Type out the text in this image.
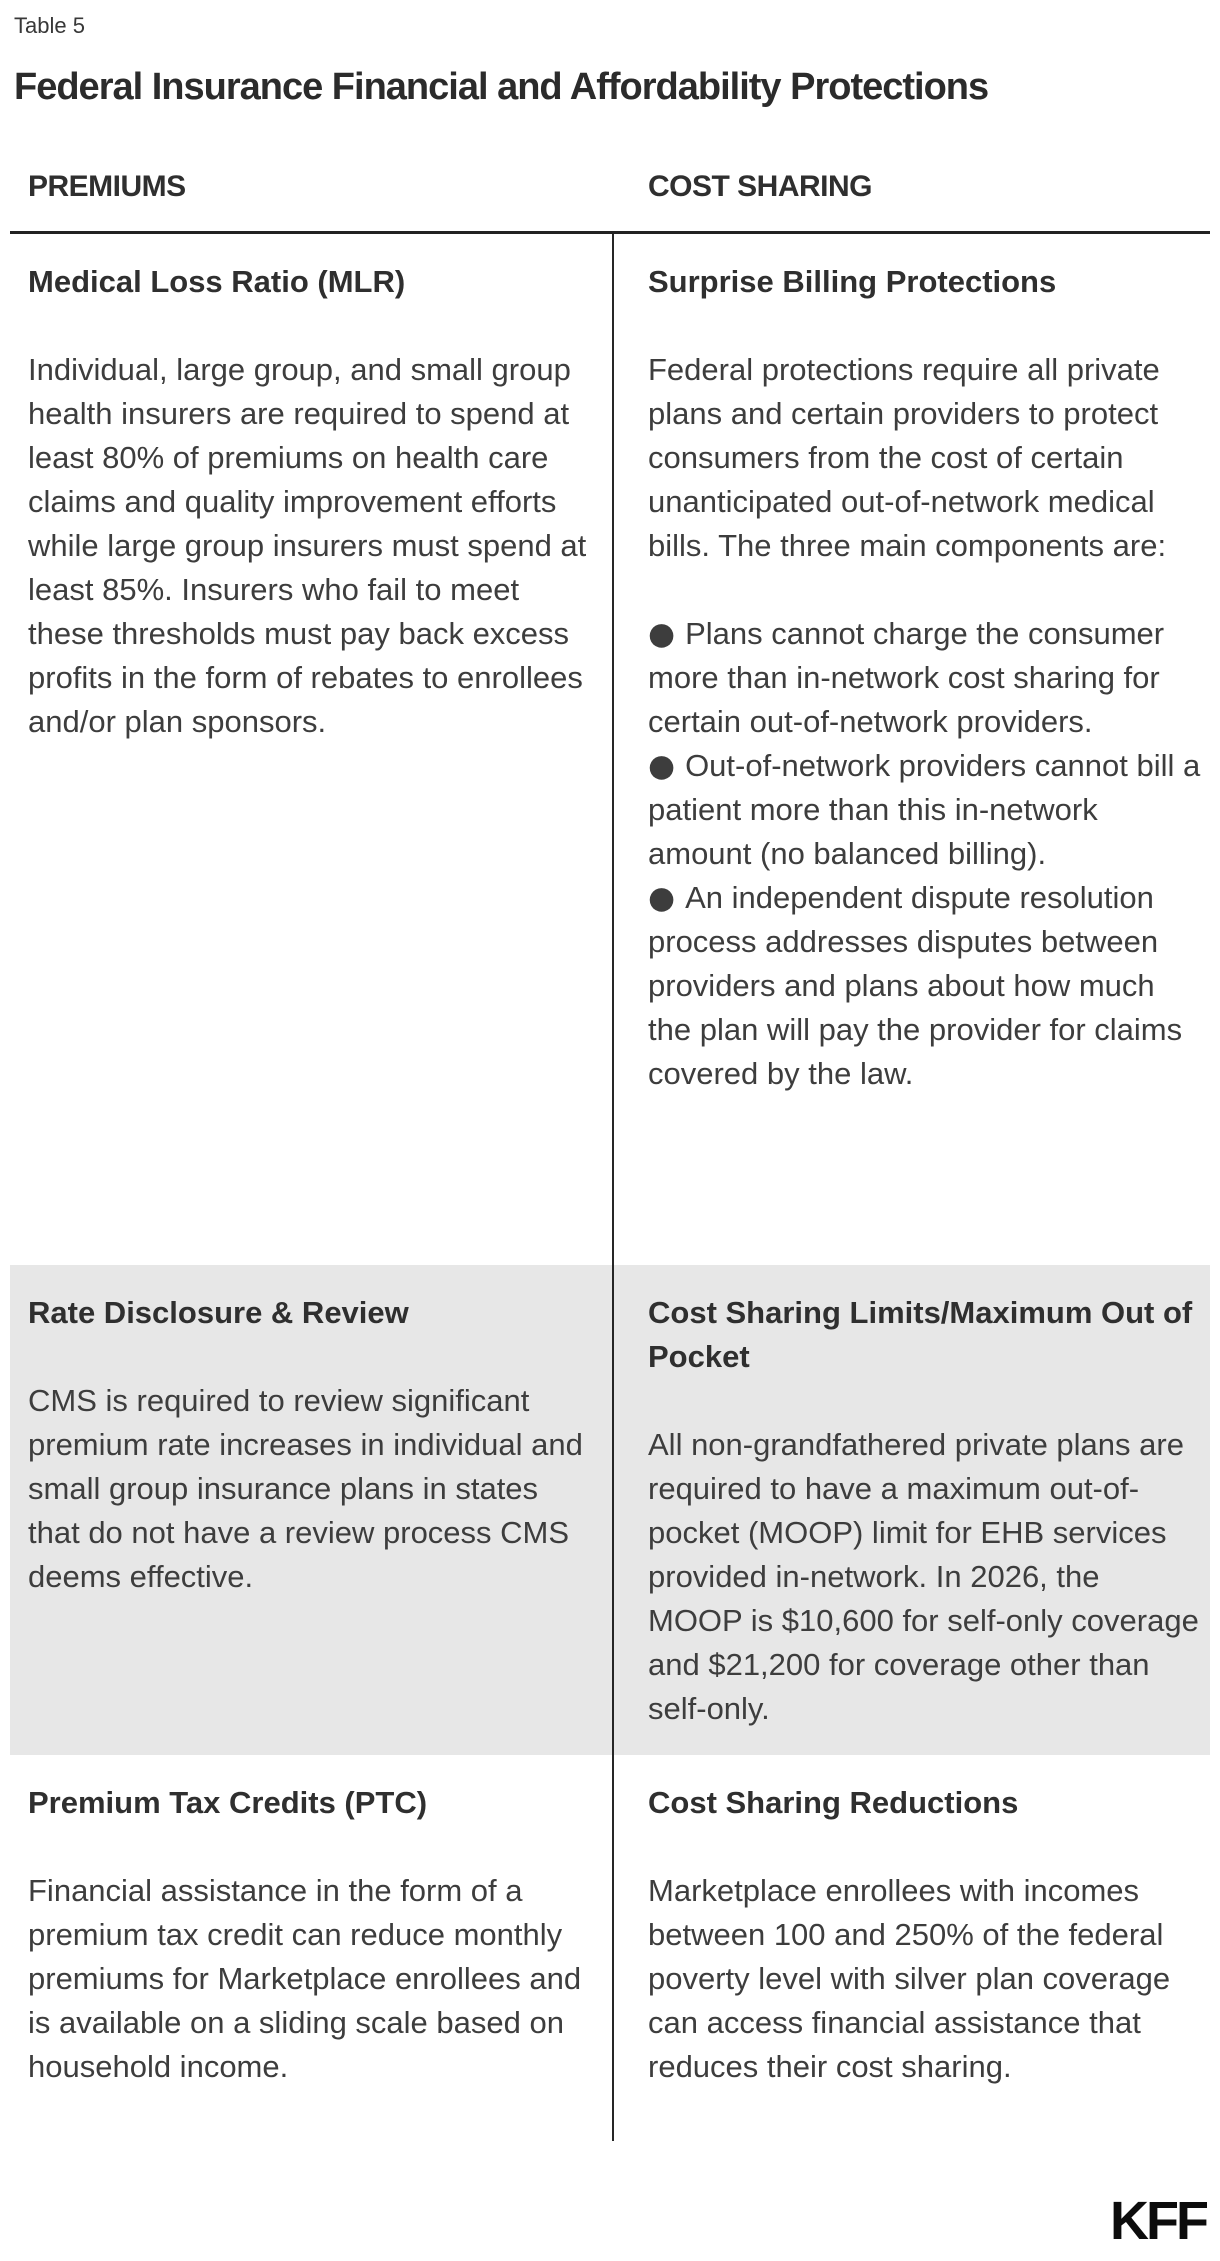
Table 5
Federal Insurance Financial and Affordability Protections
PREMIUMS	COST SHARING
Medical Loss Ratio (MLR)

Individual, large group, and small group health insurers are required to spend at least 80% of premiums on health care claims and quality improvement efforts while large group insurers must spend at least 85%. Insurers who fail to meet these thresholds must pay back excess profits in the form of rebates to enrollees and/or plan sponsors.

Surprise Billing Protections

Federal protections require all private plans and certain providers to protect consumers from the cost of certain unanticipated out-of-network medical bills. The three main components are:

● Plans cannot charge the consumer more than in-network cost sharing for certain out-of-network providers.

● Out-of-network providers cannot bill a patient more than this in-network amount (no balanced billing).

● An independent dispute resolution process addresses disputes between providers and plans about how much the plan will pay the provider for claims covered by the law.

Rate Disclosure & Review

CMS is required to review significant premium rate increases in individual and small group insurance plans in states that do not have a review process CMS deems effective.

Cost Sharing Limits/Maximum Out of Pocket

All non-grandfathered private plans are required to have a maximum out-of-pocket (MOOP) limit for EHB services provided in-network. In 2026, the MOOP is $10,600 for self-only coverage and $21,200 for coverage other than self-only.

Premium Tax Credits (PTC)

Financial assistance in the form of a premium tax credit can reduce monthly premiums for Marketplace enrollees and is available on a sliding scale based on household income.

Cost Sharing Reductions

Marketplace enrollees with incomes between 100 and 250% of the federal poverty level with silver plan coverage can access financial assistance that reduces their cost sharing.

KFF
